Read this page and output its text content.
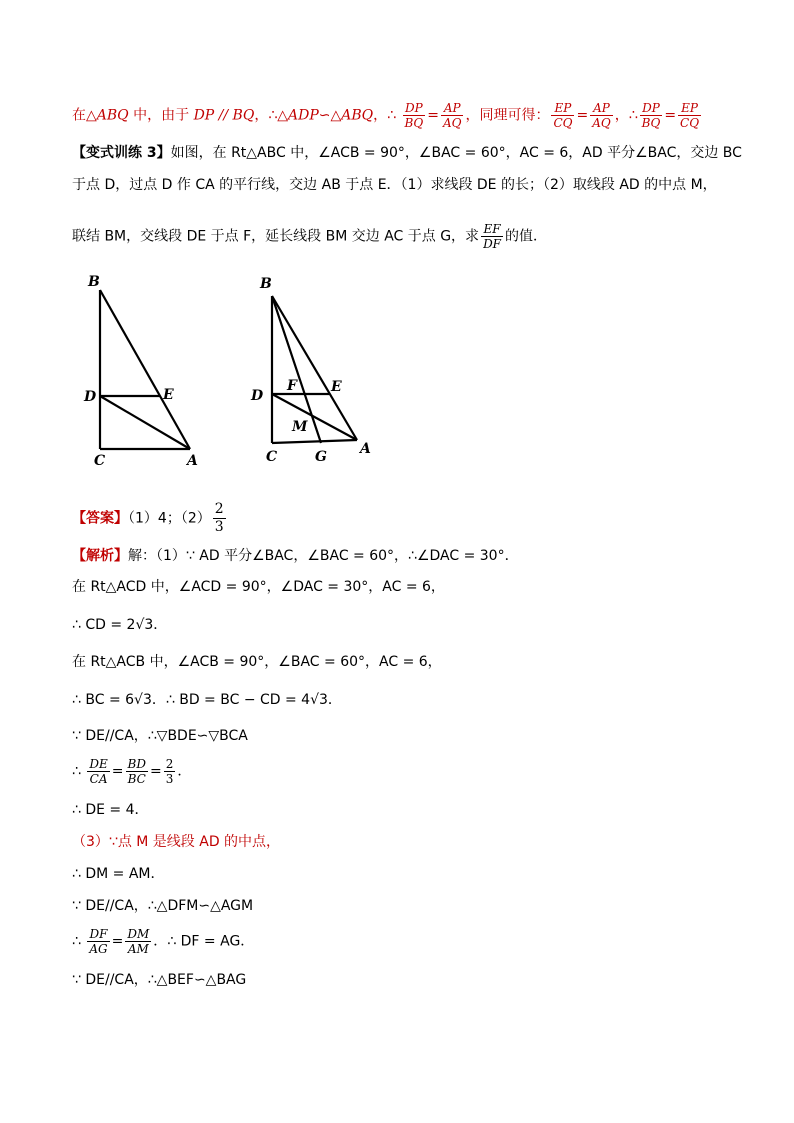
在△ABQ 中，由于 DP // BQ，∴△ADP∽△ABQ，∴ $\frac{DP}{BQ} = \frac{AP}{AQ}$ ，同理可得： $\frac{EP}{CQ} = \frac{AP}{AQ}$ ，∴ $\frac{DP}{BQ} = \frac{EP}{CQ}$
【变式训练 3】如图，在 Rt△ABC 中，∠ACB = 90°，∠BAC = 60°，AC = 6，AD 平分∠BAC，交边 BC
于点 D，过点 D 作 CA 的平行线，交边 AB 于点 E．（1）求线段 DE 的长；（2）取线段 AD 的中点 M，
联结 BM，交线段 DE 于点 F，延长线段 BM 交边 AC 于点 G，求 $\frac{EF}{DF}$ 的值．
B
D	E
C	A
B
D
F E
M
C	G A
【答案】（1）4；$(2) \frac{2}{3}$
【解析】解：（1）∵ AD 平分∠BAC，∠BAC = 60°，∴∠DAC = 30°．
在 Rt△ACD 中，∠ACD = 90°，∠DAC = 30°，AC = 6，
∴ CD = 2√3．
在 Rt△ACB 中，∠ACB = 90°，∠BAC = 60°，AC = 6，
∴ BC = 6√3．∴ BD = BC − CD = 4√3．
∵ DE//CA，∴▽BDE∽▽BCA
∴ $\frac{DE}{CA} = \frac{BD}{BC} = \frac{2}{3}$ ．
∴ DE = 4．
（3）∵点 M 是线段 AD 的中点，
∴ DM = AM．
∵ DE//CA，∴△DFM∽△AGM
∴ $\frac{DF}{AG} = \frac{DM}{AM}$ ．∴ DF = AG．
∵ DE//CA，∴△BEF∽△BAG
